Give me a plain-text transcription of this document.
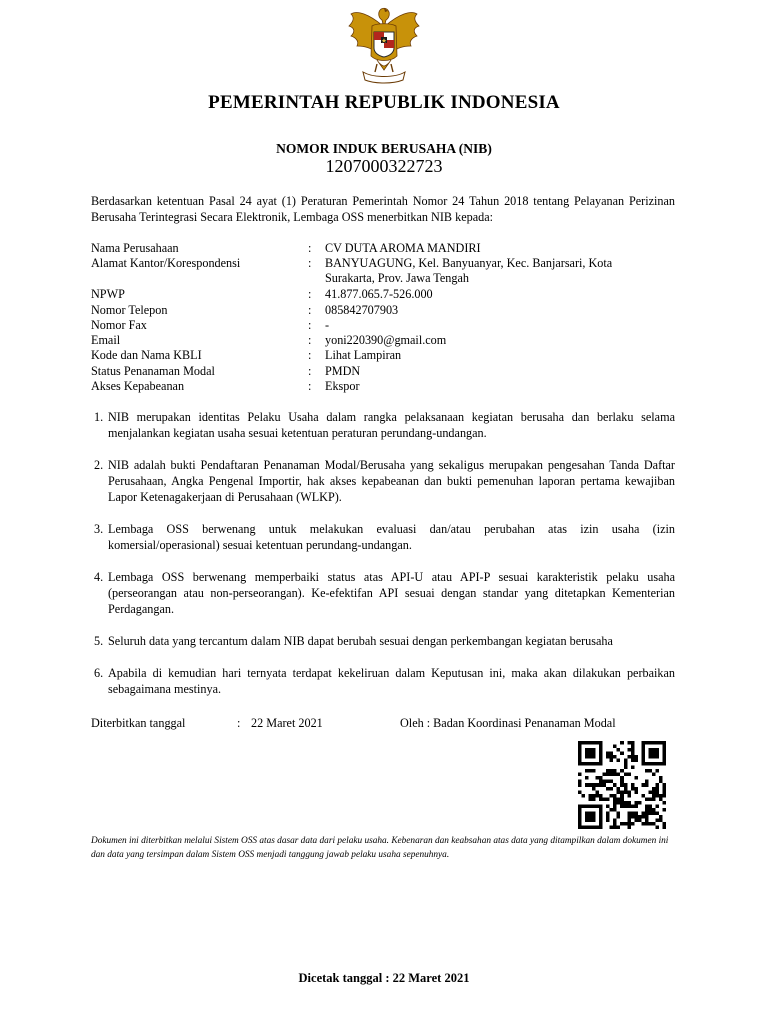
PEMERINTAH REPUBLIK INDONESIA
NOMOR INDUK BERUSAHA (NIB)
1207000322723
Berdasarkan ketentuan Pasal 24 ayat (1) Peraturan Pemerintah Nomor 24 Tahun 2018 tentang Pelayanan Perizinan Berusaha Terintegrasi Secara Elektronik, Lembaga OSS menerbitkan NIB kepada:
Nama Perusahaan	: CV DUTA AROMA MANDIRI
Alamat Kantor/Korespondensi	: BANYUAGUNG, Kel. Banyuanyar, Kec. Banjarsari, Kota Surakarta, Prov. Jawa Tengah
NPWP	: 41.877.065.7-526.000
Nomor Telepon	: 085842707903
Nomor Fax	: -
Email	: yoni220390@gmail.com
Kode dan Nama KBLI	: Lihat Lampiran
Status Penanaman Modal	: PMDN
Akses Kepabeanan	: Ekspor
1. NIB merupakan identitas Pelaku Usaha dalam rangka pelaksanaan kegiatan berusaha dan berlaku selama menjalankan kegiatan usaha sesuai ketentuan peraturan perundang-undangan.
2. NIB adalah bukti Pendaftaran Penanaman Modal/Berusaha yang sekaligus merupakan pengesahan Tanda Daftar Perusahaan, Angka Pengenal Importir, hak akses kepabeanan dan bukti pemenuhan laporan pertama kewajiban Lapor Ketenagakerjaan di Perusahaan (WLKP).
3. Lembaga OSS berwenang untuk melakukan evaluasi dan/atau perubahan atas izin usaha (izin komersial/operasional) sesuai ketentuan perundang-undangan.
4. Lembaga OSS berwenang memperbaiki status atas API-U atau API-P sesuai karakteristik pelaku usaha (perseorangan atau non-perseorangan). Ke-efektifan API sesuai dengan standar yang ditetapkan Kementerian Perdagangan.
5. Seluruh data yang tercantum dalam NIB dapat berubah sesuai dengan perkembangan kegiatan berusaha
6. Apabila di kemudian hari ternyata terdapat kekeliruan dalam Keputusan ini, maka akan dilakukan perbaikan sebagaimana mestinya.
Diterbitkan tanggal	: 22 Maret 2021	Oleh : Badan Koordinasi Penanaman Modal
Dokumen ini diterbitkan melalui Sistem OSS atas dasar data dari pelaku usaha. Kebenaran dan keabsahan atas data yang ditampilkan dalam dokumen ini dan data yang tersimpan dalam Sistem OSS menjadi tanggung jawab pelaku usaha sepenuhnya.
Dicetak tanggal : 22 Maret 2021
